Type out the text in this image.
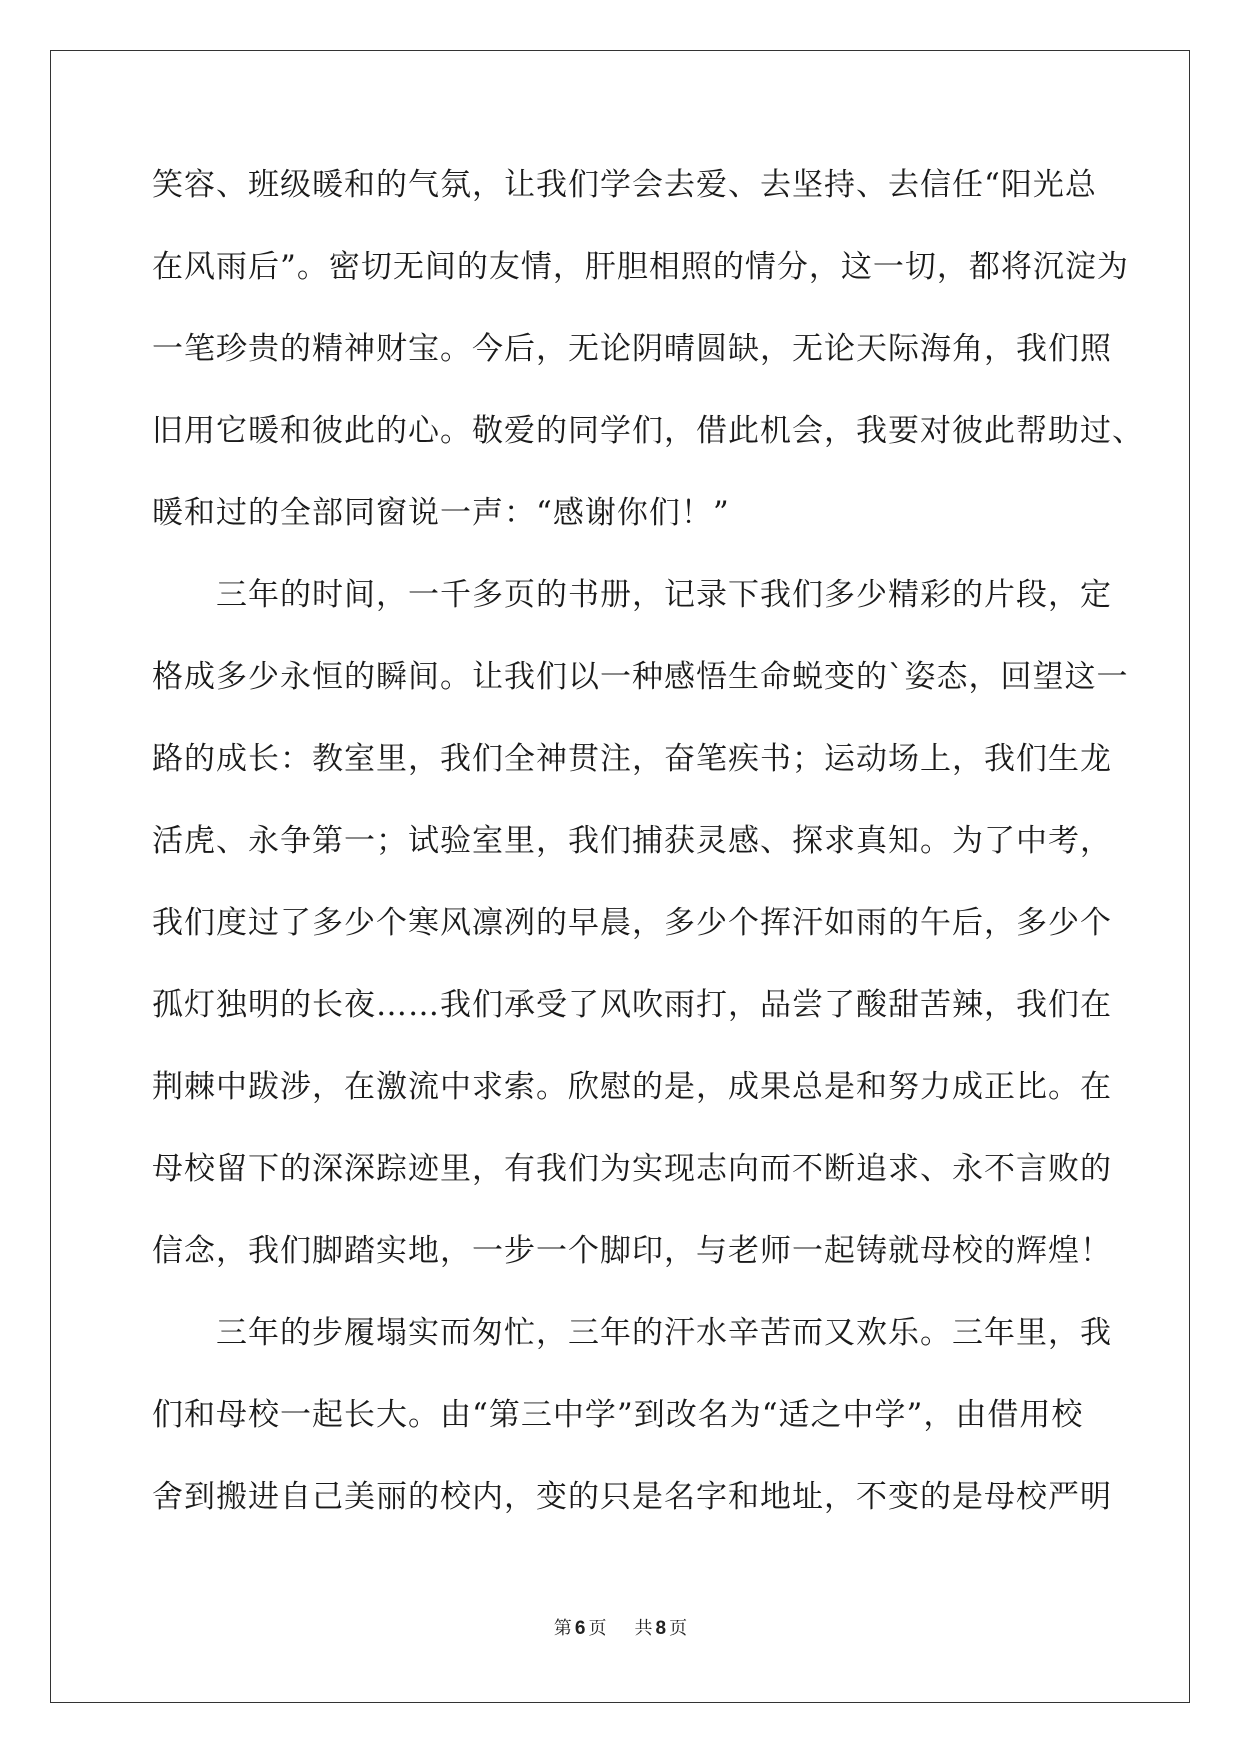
笑容、班级暖和的气氛，让我们学会去爱、去坚持、去信任“阳光总
在风雨后”。密切无间的友情，肝胆相照的情分，这一切，都将沉淀为
一笔珍贵的精神财宝。今后，无论阴晴圆缺，无论天际海角，我们照
旧用它暖和彼此的心。敬爱的同学们，借此机会，我要对彼此帮助过、
暖和过的全部同窗说一声：“感谢你们！”
三年的时间，一千多页的书册，记录下我们多少精彩的片段，定
格成多少永恒的瞬间。让我们以一种感悟生命蜕变的`姿态，回望这一
路的成长：教室里，我们全神贯注，奋笔疾书；运动场上，我们生龙
活虎、永争第一；试验室里，我们捕获灵感、探求真知。为了中考，
我们度过了多少个寒风凛冽的早晨，多少个挥汗如雨的午后，多少个
孤灯独明的长夜……我们承受了风吹雨打，品尝了酸甜苦辣，我们在
荆棘中跋涉，在激流中求索。欣慰的是，成果总是和努力成正比。在
母校留下的深深踪迹里，有我们为实现志向而不断追求、永不言败的
信念，我们脚踏实地，一步一个脚印，与老师一起铸就母校的辉煌！
三年的步履塌实而匆忙，三年的汗水辛苦而又欢乐。三年里，我
们和母校一起长大。由“第三中学”到改名为“适之中学”，由借用校
舍到搬进自己美丽的校内，变的只是名字和地址，不变的是母校严明
第 6 页 共 8 页
